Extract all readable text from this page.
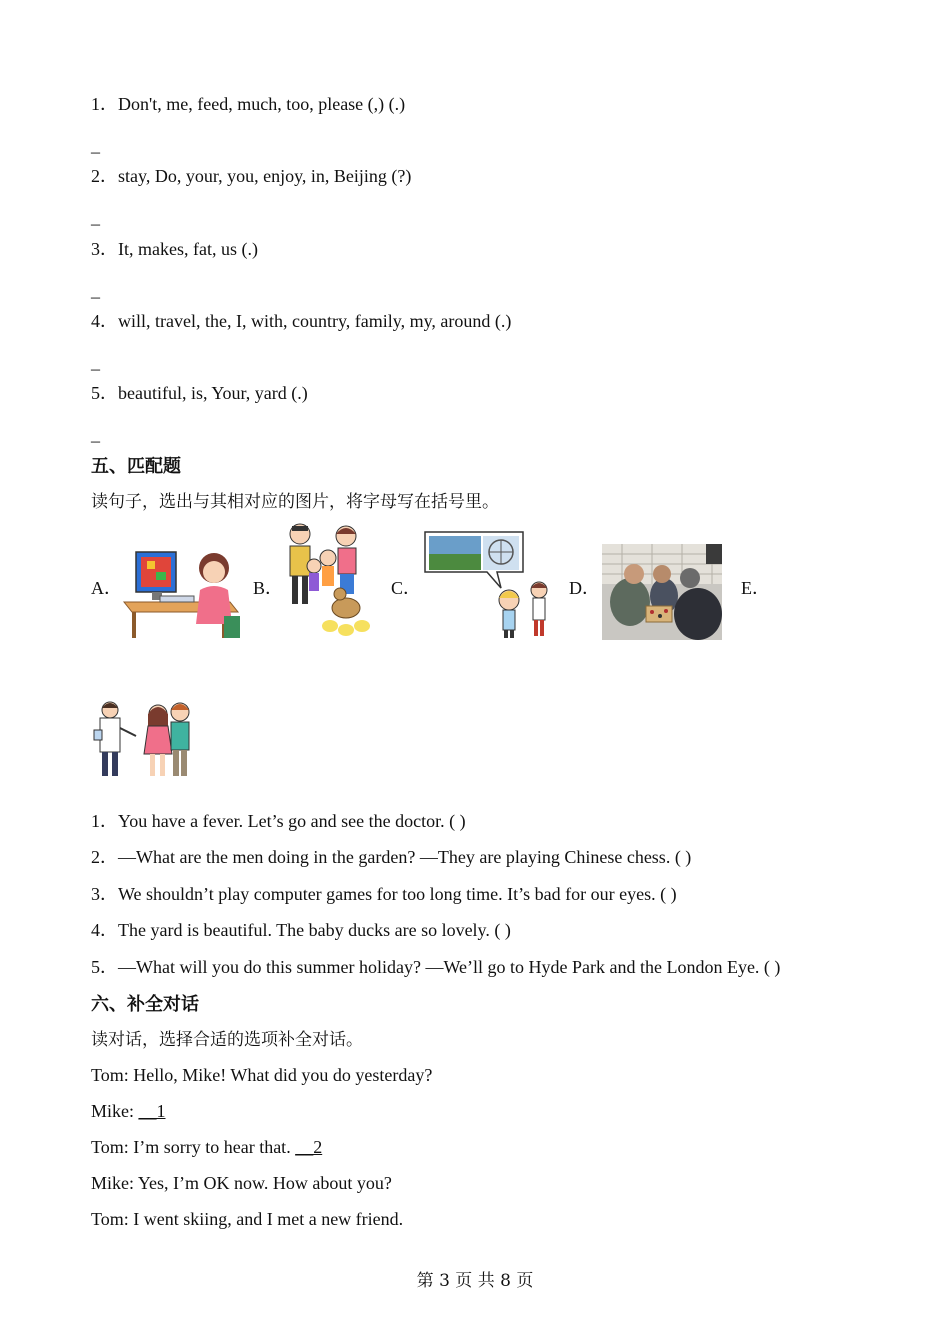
1．Don't, me, feed, much, too, please (,) (.)
_
2．stay, Do, your, you, enjoy, in, Beijing (?)
_
3．It, makes, fat, us (.)
_
4．will, travel, the, I, with, country, family, my, around (.)
_
5．beautiful, is, Your, yard (.)
_
五、匹配题
读句子，选出与其相对应的图片，将字母写在括号里。
A．	B．	C．	D．	E．
1．You have a fever. Let’s go and see the doctor. ( )
2．—What are the men doing in the garden? —They are playing Chinese chess. ( )
3．We shouldn’t play computer games for too long time. It’s bad for our eyes. ( )
4．The yard is beautiful. The baby ducks are so lovely. ( )
5．—What will you do this summer holiday? —We’ll go to Hyde Park and the London Eye. ( )
六、补全对话
读对话，选择合适的选项补全对话。
Tom: Hello, Mike! What did you do yesterday?
Mike: __1
Tom: I’m sorry to hear that. __2
Mike: Yes, I’m OK now. How about you?
Tom: I went skiing, and I met a new friend.
第 3 页 共 8 页
